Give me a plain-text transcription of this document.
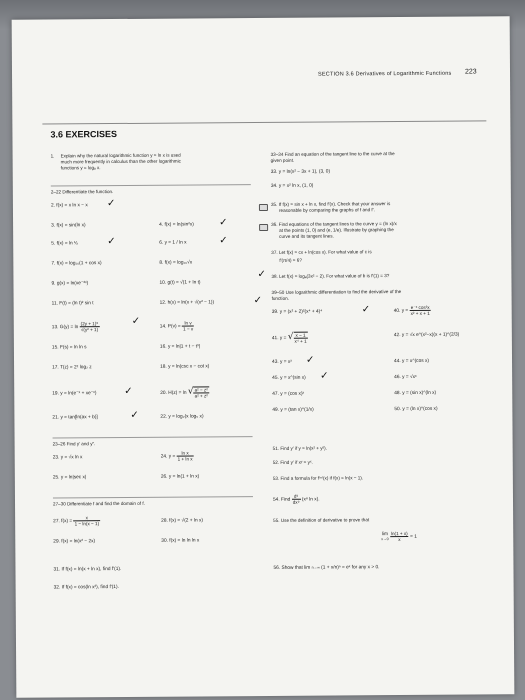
SECTION 3.6 Derivatives of Logarithmic Functions 223
3.6 EXERCISES
1. Explain why the natural logarithmic function y = ln x is used
much more frequently in calculus than the other logarithmic
functions y = logₐ x.
2–22 Differentiate the function.
2. f(x) = x ln x − x ✓
3. f(x) = sin(ln x)	4. f(x) = ln(sin²x)	✓
5. f(x) = ln ¹⁄ₓ	✓	6. y = 1 / ln x	✓
7. f(x) = log₁₀(1 + cos x)	8. f(x) = log₁₀√x
9. g(x) = ln(xe⁻²ˣ)	10. g(t) = √(1 + ln t)
11. F(t) = (ln t)² sin t	12. h(x) = ln(x + √(x² − 1))	✓
13. $G(y) = \ln \frac{\text{(2y + 1)⁵}}{\text{√(y² + 1)}}$	✓
14. $P(v) = \frac{\text{ln v}}{1 - v}$
15. F(s) = ln ln s	16. y = ln|1 + t − t³|
17. T(z) = 2ᶻ log₂ z	18. y = ln(csc x − cot x)
19. y = ln(e⁻ˣ + xe⁻ˣ)	✓	20. H(z) = ln √ $\frac{\text{a² − z²}}{\text{a² + z²}}$
21. y = tan[ln(ax + b)]	✓	22. y = log₂(x log₅ x)
23–26 Find y′ and y″.
23. y = √x ln x	24. $y = \frac{\text{ln x}}{\text{1 + ln x}}$
25. y = ln|sec x|	26. y = ln(1 + ln x)
27–30 Differentiate f and find the domain of f.
27. $f(x) = \frac{x}{1 - \ln(x - 1)}$	28. f(x) = √(2 + ln x)
29. f(x) = ln(x² − 2x)	30. f(x) = ln ln ln x
31. If f(x) = ln(x + ln x), find f′(1).
32. If f(x) = cos(ln x²), find f′(1).
33–34 Find an equation of the tangent line to the curve at the
given point.
33. y = ln(x² − 3x + 1), (3, 0)
34. y = x² ln x, (1, 0)
35. If f(x) = sin x + ln x, find f′(x). Check that your answer is
reasonable by comparing the graphs of f and f′.
36. Find equations of the tangent lines to the curve y = (ln x)/x
at the points (1, 0) and (e, 1/e). Illustrate by graphing the
curve and its tangent lines.
37. Let f(x) = cx + ln(cos x). For what value of c is
f′(π/4) = 6?
✓ 38. Let f(x) = logₐ(3x² − 2). For what value of b is f′(1) = 3?
39–50 Use logarithmic differentiation to find the derivative of the
function.
39. y = (x² + 2)²(x⁴ + 4)⁴	✓	40. $y = \frac{\text{e⁻ˣ cos²x}}{\text{x² + x + 1}}$
41. y = √ $\frac{x - 1}{\text{x⁴ + 1}}$	42. y = √x e^(x²−x)(x + 1)^(2/3)
43. y = xˣ ✓	44. y = x^(cos x)
45. y = x^(sin x) ✓	46. y = √xˣ
47. y = (cos x)ˣ	48. y = (sin x)^(ln x)
49. y = (tan x)^(1/x)	50. y = (ln x)^(cos x)
51. Find y′ if y = ln(x² + y²).
52. Find y′ if xʸ = yˣ.
53. Find a formula for f⁽ⁿ⁾(x) if f(x) = ln(x − 1).
54. Find $\frac{\text{d⁹}}{\text{dx⁹}} (x^8$ ln x).
55. Use the definition of derivative to prove that
lim
x→0
$\frac{\ln(1 + x)}{x} = 1$
56. Show that lim n→∞ (1 + x/n)ⁿ = eˣ for any x > 0.
